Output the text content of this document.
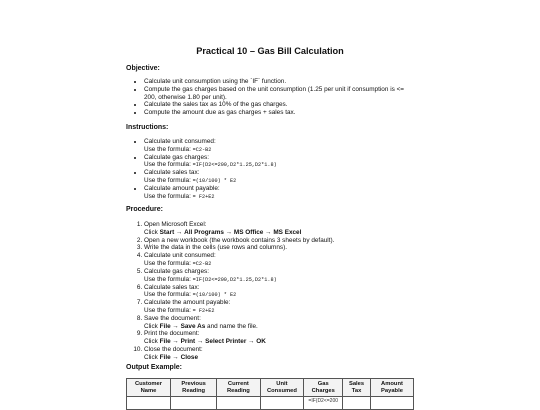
Practical 10 – Gas Bill Calculation
Objective:
• Calculate unit consumption using the `IF` function.
• Compute the gas charges based on the unit consumption (1.25 per unit if consumption is <= 200, otherwise 1.80 per unit).
• Calculate the sales tax as 10% of the gas charges.
• Compute the amount due as gas charges + sales tax.
Instructions:
• Calculate unit consumed:
Use the formula: =C2-B2
• Calculate gas charges:
Use the formula: =IF(D2<=200,D2*1.25,D2*1.8)
• Calculate sales tax:
Use the formula: =(10/100) * E2
• Calculate amount payable:
Use the formula: = F2+E2
Procedure:
1. Open Microsoft Excel:
Click Start → All Programs → MS Office → MS Excel
2. Open a new workbook (the workbook contains 3 sheets by default).
3. Write the data in the cells (use rows and columns).
4. Calculate unit consumed:
Use the formula: =C2-B2
5. Calculate gas charges:
Use the formula: =IF(D2<=200,D2*1.25,D2*1.8)
6. Calculate sales tax:
Use the formula: =(10/100) * E2
7. Calculate the amount payable:
Use the formula: = F2+E2
8. Save the document:
Click File → Save As and name the file.
9. Print the document:
Click File → Print → Select Printer → OK
10. Close the document:
Click File → Close
Output Example:
Customer Name	Previous Reading	Current Reading	Unit Consumed	Gas Charges	Sales Tax	Amount Payable
				=IF(D2<=200		
